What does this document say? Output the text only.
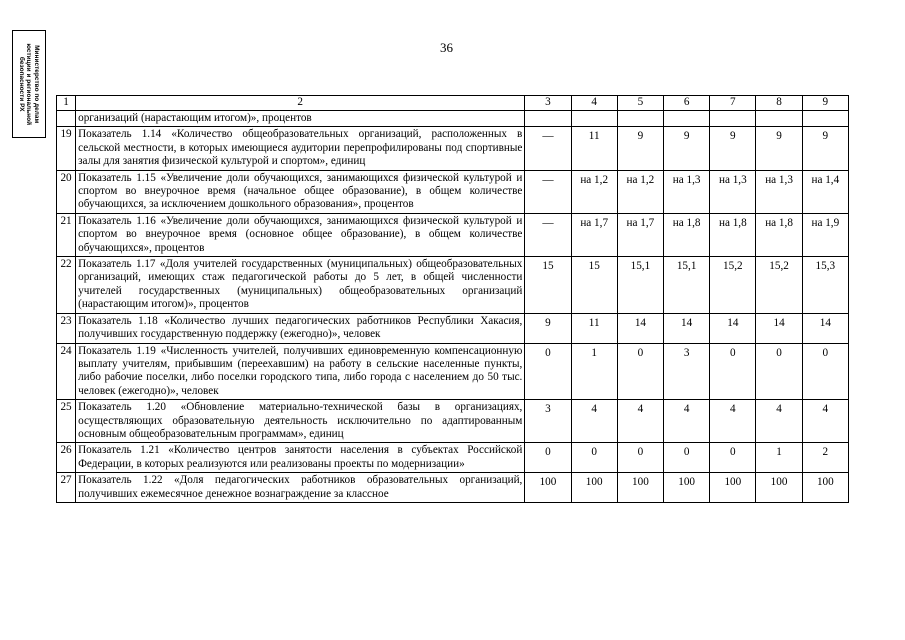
36
Министерство по делам
юстиции и региональной
безопасности РХ	1	2	3	4	5	6	7	8	9
	организаций (нарастающим итогом)», процентов							
19	Показатель 1.14 «Количество общеобразовательных организаций, расположенных в сельской местности, в которых имеющиеся аудитории перепрофилированы под спортивные залы для занятия физической культурой и спортом», единиц	—	11	9	9	9	9	9
20	Показатель 1.15 «Увеличение доли обучающихся, занимающихся физической культурой и спортом во внеурочное время (начальное общее образование), в общем количестве обучающихся, за исключением дошкольного образования», процентов	—	на 1,2	на 1,2	на 1,3	на 1,3	на 1,3	на 1,4
21	Показатель 1.16 «Увеличение доли обучающихся, занимающихся физической культурой и спортом во внеурочное время (основное общее образование), в общем количестве обучающихся», процентов	—	на 1,7	на 1,7	на 1,8	на 1,8	на 1,8	на 1,9
22	Показатель 1.17 «Доля учителей государственных (муниципальных) общеобразовательных организаций, имеющих стаж педагогической работы до 5 лет, в общей численности учителей государственных (муниципальных) общеобразовательных организаций (нарастающим итогом)», процентов	15	15	15,1	15,1	15,2	15,2	15,3
23	Показатель 1.18 «Количество лучших педагогических работников Республики Хакасия, получивших государственную поддержку (ежегодно)», человек	9	11	14	14	14	14	14
24	Показатель 1.19 «Численность учителей, получивших единовременную компенсационную выплату учителям, прибывшим (переехавшим) на работу в сельские населенные пункты, либо рабочие поселки, либо поселки городского типа, либо города с населением до 50 тыс. человек (ежегодно)», человек	0	1	0	3	0	0	0
25	Показатель 1.20 «Обновление материально-технической базы в организациях, осуществляющих образовательную деятельность исключительно по адаптированным основным общеобразовательным программам», единиц	3	4	4	4	4	4	4
26	Показатель 1.21 «Количество центров занятости населения в субъектах Российской Федерации, в которых реализуются или реализованы проекты по модернизации»	0	0	0	0	0	1	2
27	Показатель 1.22 «Доля педагогических работников образовательных организаций, получивших ежемесячное денежное вознаграждение за классное	100	100	100	100	100	100	100
